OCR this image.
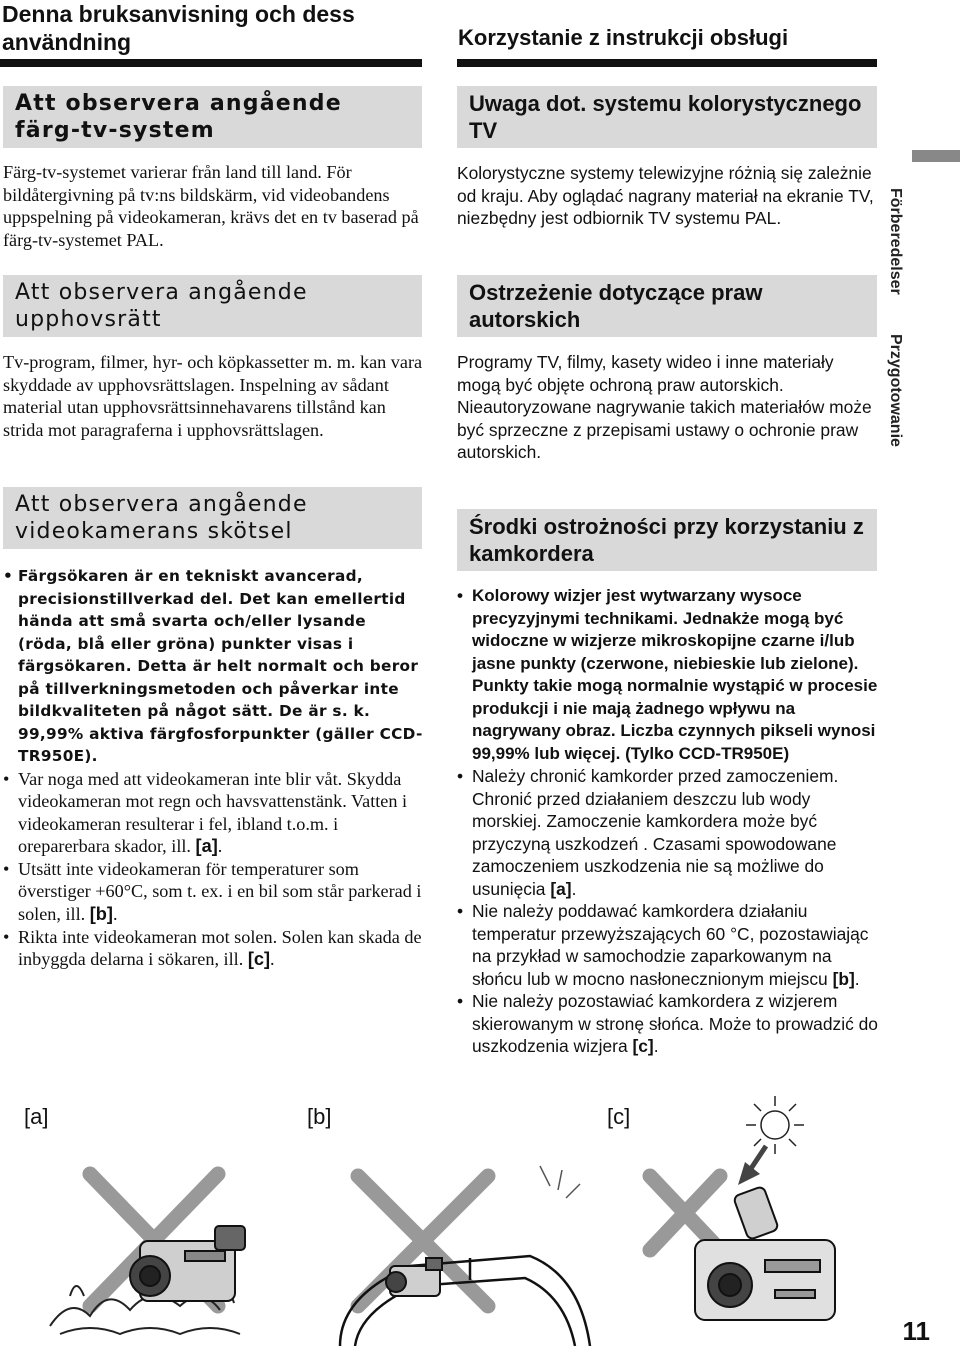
Denna bruksanvisning och dess användning	Korzystanie z instrukcji obsługi
Att observera angående färg-tv-system

Färg-tv-systemet varierar från land till land. För bildåtergivning på tv:ns bildskärm, vid videobandens uppspelning på videokameran, krävs det en tv baserad på färg-tv-systemet PAL.

Att observera angående upphovsrätt

Tv-program, filmer, hyr- och köpkassetter m. m. kan vara skyddade av upphovsrättslagen. Inspelning av sådant material utan upphovsrättsinnehavarens tillstånd kan strida mot paragraferna i upphovsrättslagen.

Att observera angående videokamerans skötsel
• Färgsökaren är en tekniskt avancerad, precisionstillverkad del. Det kan emellertid hända att små svarta och/eller lysande (röda, blå eller gröna) punkter visas i färgsökaren. Detta är helt normalt och beror på tillverkningsmetoden och påverkar inte bildkvaliteten på något sätt. De är s. k. 99,99% aktiva färgfosforpunkter (gäller CCD-TR950E).
• Var noga med att videokameran inte blir våt. Skydda videokameran mot regn och havsvattenstänk. Vatten i videokameran resulterar i fel, ibland t.o.m. i oreparerbara skador, ill. [a].
• Utsätt inte videokameran för temperaturer som överstiger +60°C, som t. ex. i en bil som står parkerad i solen, ill. [b].
• Rikta inte videokameran mot solen. Solen kan skada de inbyggda delarna i sökaren, ill. [c].
Uwaga dot. systemu kolorystycznego TV

Kolorystyczne systemy telewizyjne różnią się zależnie od kraju. Aby oglądać nagrany materiał na ekranie TV, niezbędny jest odbiornik TV systemu PAL.

Ostrzeżenie dotyczące praw autorskich

Programy TV, filmy, kasety wideo i inne materiały mogą być objęte ochroną praw autorskich. Nieautoryzowane nagrywanie takich materiałów może być sprzeczne z przepisami ustawy o ochronie praw autorskich.

Środki ostrożności przy korzystaniu z kamkordera
• Kolorowy wizjer jest wytwarzany wysoce precyzyjnymi technikami. Jednakże mogą być widoczne w wizjerze mikroskopijne czarne i/lub jasne punkty (czerwone, niebieskie lub zielone). Punkty takie mogą normalnie wystąpić w procesie produkcji i nie mają żadnego wpływu na nagrywany obraz. Liczba czynnych pikseli wynosi 99,99% lub więcej. (Tylko CCD-TR950E)
• Należy chronić kamkorder przed zamoczeniem. Chronić przed działaniem deszczu lub wody morskiej. Zamoczenie kamkordera może być przyczyną uszkodzeń . Czasami spowodowane zamoczeniem uszkodzenia nie są możliwe do usunięcia [a].
• Nie należy poddawać kamkordera działaniu temperatur przewyższających 60 °C, pozostawiając na przykład w samochodzie zaparkowanym na słońcu lub w mocno nasłonecznionym miejscu [b].
• Nie należy pozostawiać kamkordera z wizjerem skierowanym w stronę słońca. Może to prowadzić do uszkodzenia wizjera [c].
Förberedelser
Przygotowanie
[a]	[b]	[c]
11
